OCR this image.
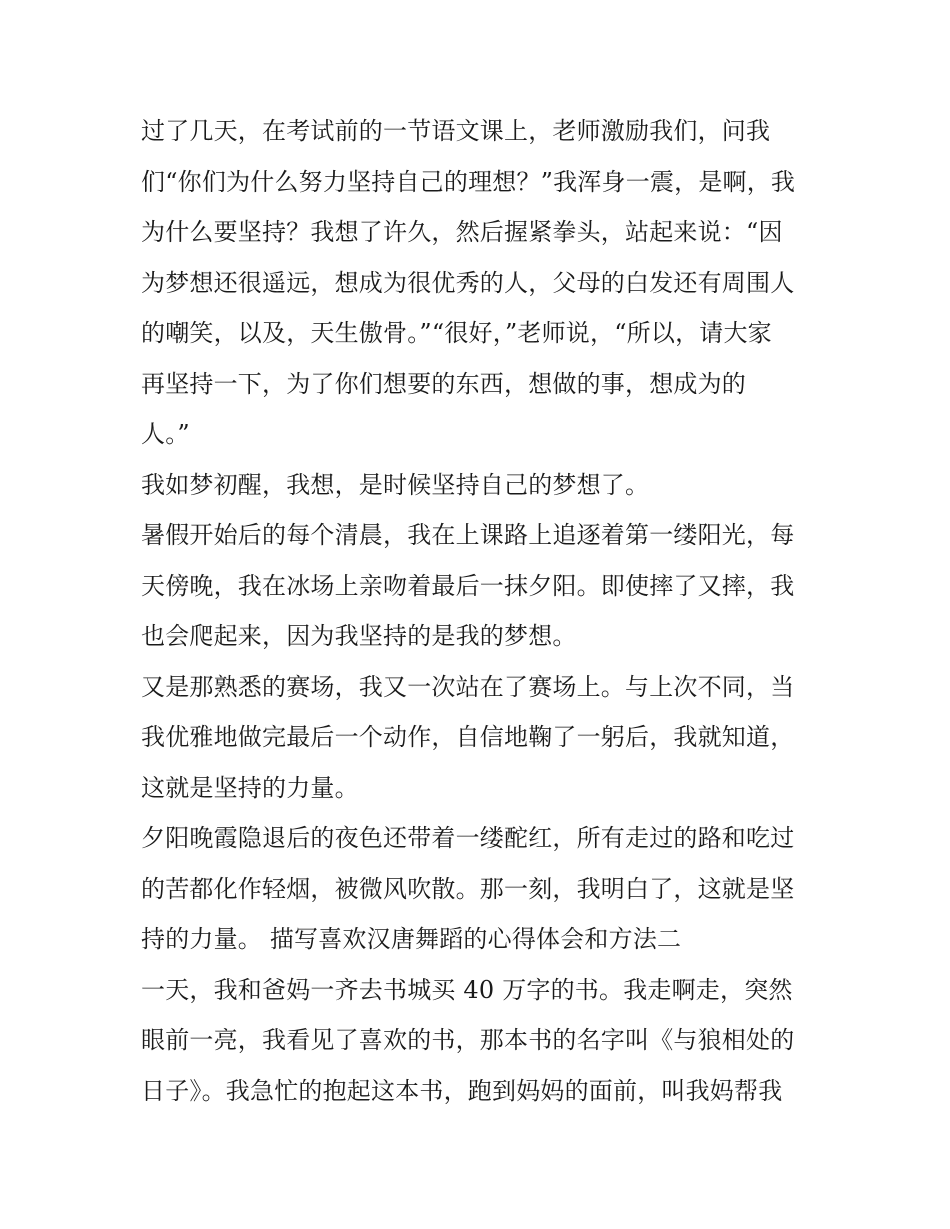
过了几天，在考试前的一节语文课上，老师激励我们，问我
们“你们为什么努力坚持自己的理想？”我浑身一震，是啊，我
为什么要坚持？我想了许久，然后握紧拳头，站起来说：“因
为梦想还很遥远，想成为很优秀的人，父母的白发还有周围人
的嘲笑，以及，天生傲骨。”“很好，”老师说，“所以，请大家
再坚持一下，为了你们想要的东西，想做的事，想成为的
人。”
我如梦初醒，我想，是时候坚持自己的梦想了。
暑假开始后的每个清晨，我在上课路上追逐着第一缕阳光，每
天傍晚，我在冰场上亲吻着最后一抹夕阳。即使摔了又摔，我
也会爬起来，因为我坚持的是我的梦想。
又是那熟悉的赛场，我又一次站在了赛场上。与上次不同，当
我优雅地做完最后一个动作，自信地鞠了一躬后，我就知道，
这就是坚持的力量。
夕阳晚霞隐退后的夜色还带着一缕酡红，所有走过的路和吃过
的苦都化作轻烟，被微风吹散。那一刻，我明白了，这就是坚
持的力量。 描写喜欢汉唐舞蹈的心得体会和方法二
一天，我和爸妈一齐去书城买 40 万字的书。我走啊走，突然
眼前一亮，我看见了喜欢的书，那本书的名字叫《与狼相处的
日子》。我急忙的抱起这本书，跑到妈妈的面前，叫我妈帮我
